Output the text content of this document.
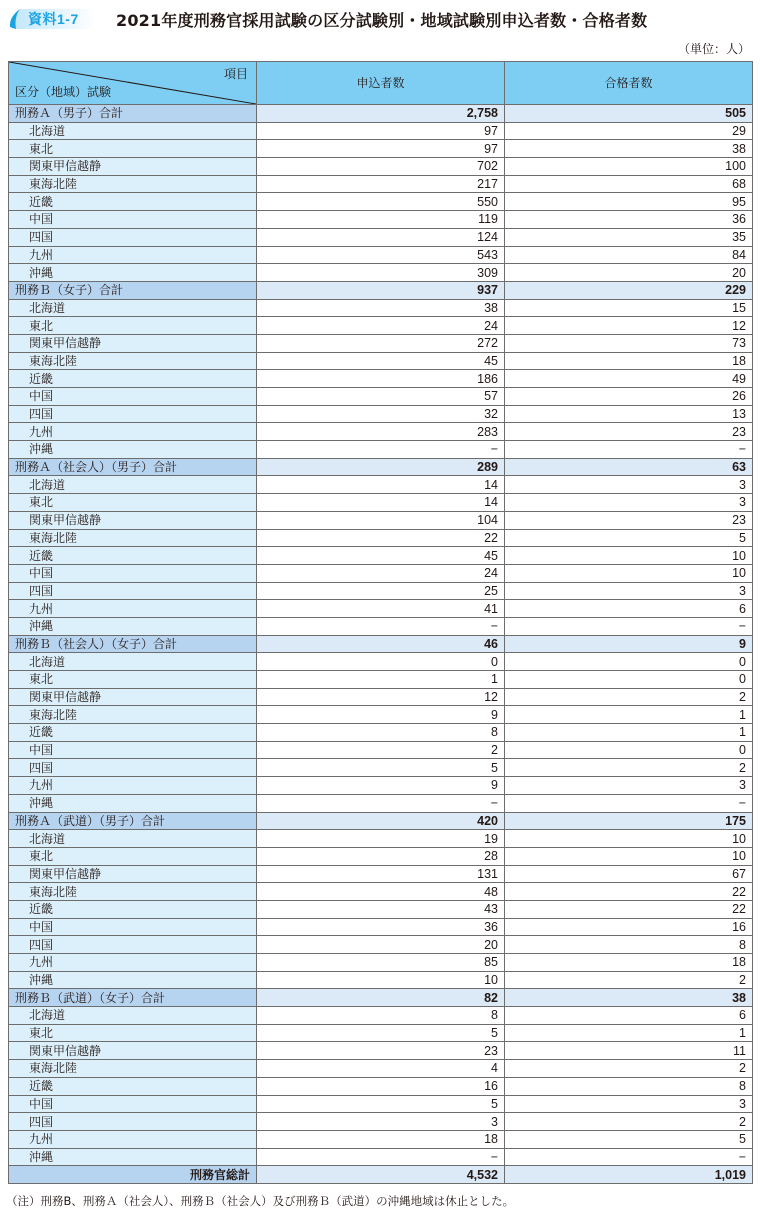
資料1-7 2021年度刑務官採用試験の区分試験別・地域試験別申込者数・合格者数
（単位：人）
項目
区分（地域）試験	申込者数	合格者数
刑務Ａ（男子）合計	2,758	505
北海道	97	29
東北	97	38
関東甲信越静	702	100
東海北陸	217	68
近畿	550	95
中国	119	36
四国	124	35
九州	543	84
沖縄	309	20
刑務Ｂ（女子）合計	937	229
北海道	38	15
東北	24	12
関東甲信越静	272	73
東海北陸	45	18
近畿	186	49
中国	57	26
四国	32	13
九州	283	23
沖縄	−	−
刑務Ａ（社会人）（男子）合計	289	63
北海道	14	3
東北	14	3
関東甲信越静	104	23
東海北陸	22	5
近畿	45	10
中国	24	10
四国	25	3
九州	41	6
沖縄	−	−
刑務Ｂ（社会人）（女子）合計	46	9
北海道	0	0
東北	1	0
関東甲信越静	12	2
東海北陸	9	1
近畿	8	1
中国	2	0
四国	5	2
九州	9	3
沖縄	−	−
刑務Ａ（武道）（男子）合計	420	175
北海道	19	10
東北	28	10
関東甲信越静	131	67
東海北陸	48	22
近畿	43	22
中国	36	16
四国	20	8
九州	85	18
沖縄	10	2
刑務Ｂ（武道）（女子）合計	82	38
北海道	8	6
東北	5	1
関東甲信越静	23	11
東海北陸	4	2
近畿	16	8
中国	5	3
四国	3	2
九州	18	5
沖縄	−	−
刑務官総計	4,532	1,019
（注）刑務B、刑務Ａ（社会人）、刑務Ｂ（社会人）及び刑務Ｂ（武道）の沖縄地域は休止とした。
